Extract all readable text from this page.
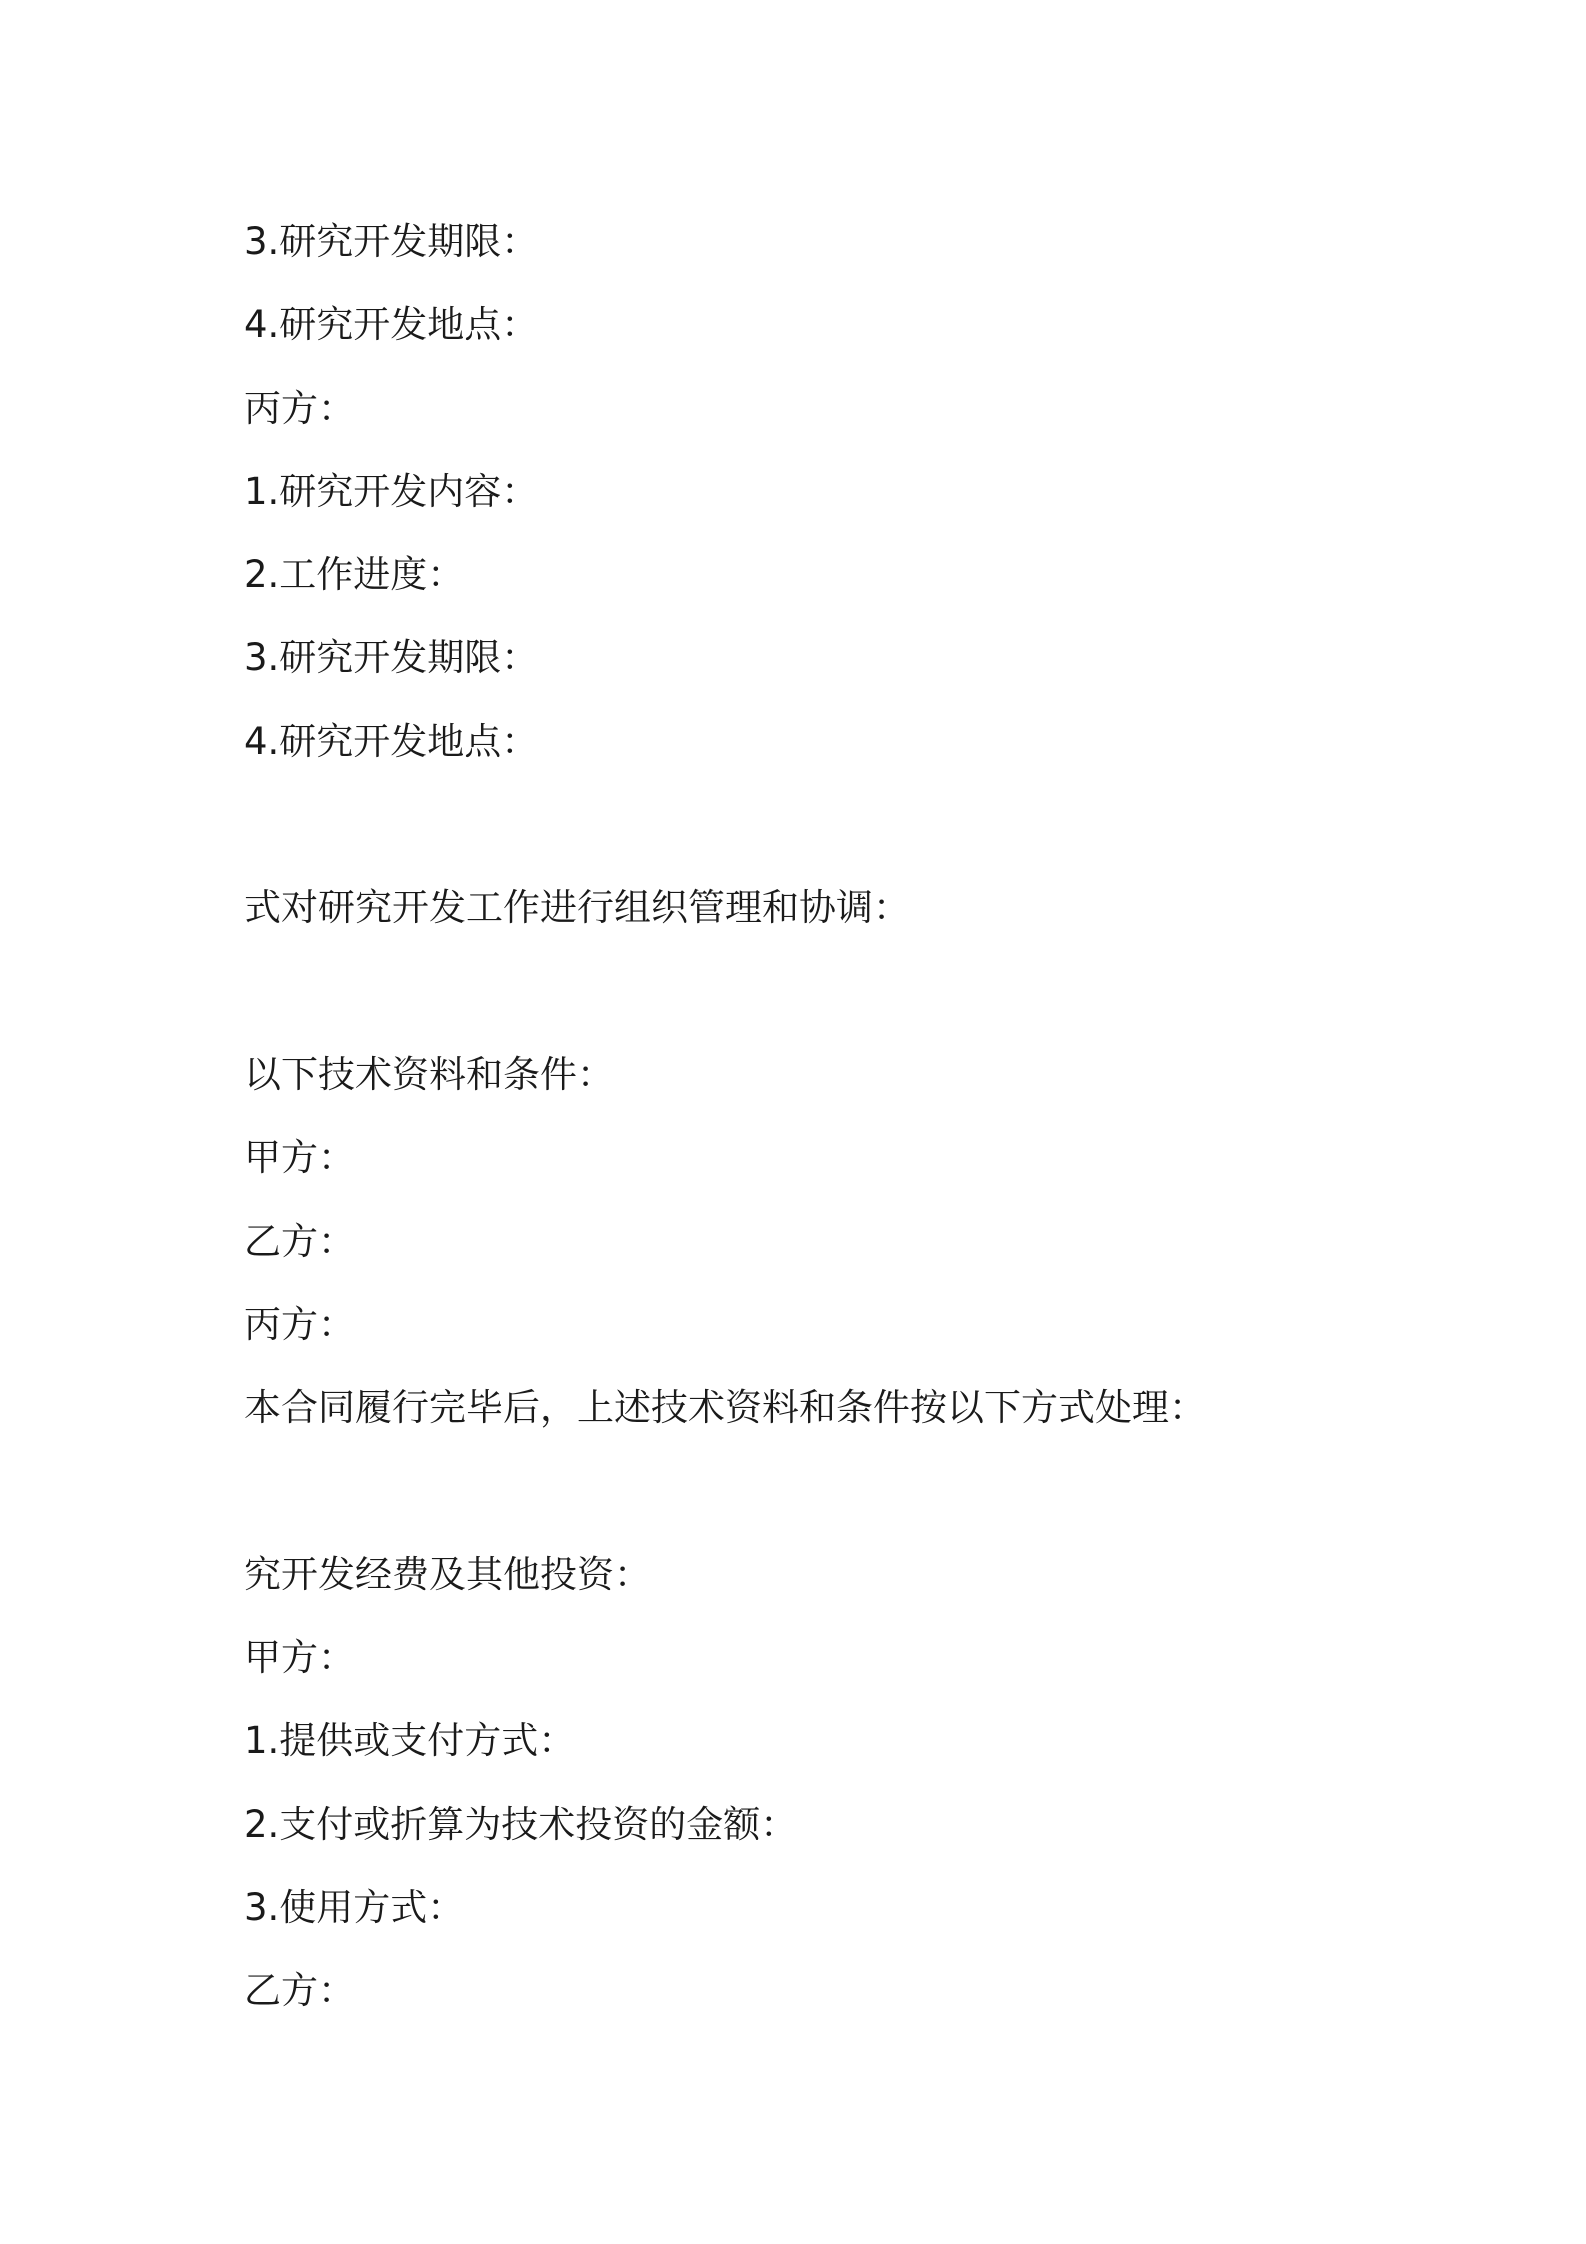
3.研究开发期限：
4.研究开发地点：
丙方：
1.研究开发内容：
2.工作进度：
3.研究开发期限：
4.研究开发地点：

式对研究开发工作进行组织管理和协调：

以下技术资料和条件：
甲方：
乙方：
丙方：
本合同履行完毕后，上述技术资料和条件按以下方式处理：

究开发经费及其他投资：
甲方：
1.提供或支付方式：
2.支付或折算为技术投资的金额：
3.使用方式：
乙方：
